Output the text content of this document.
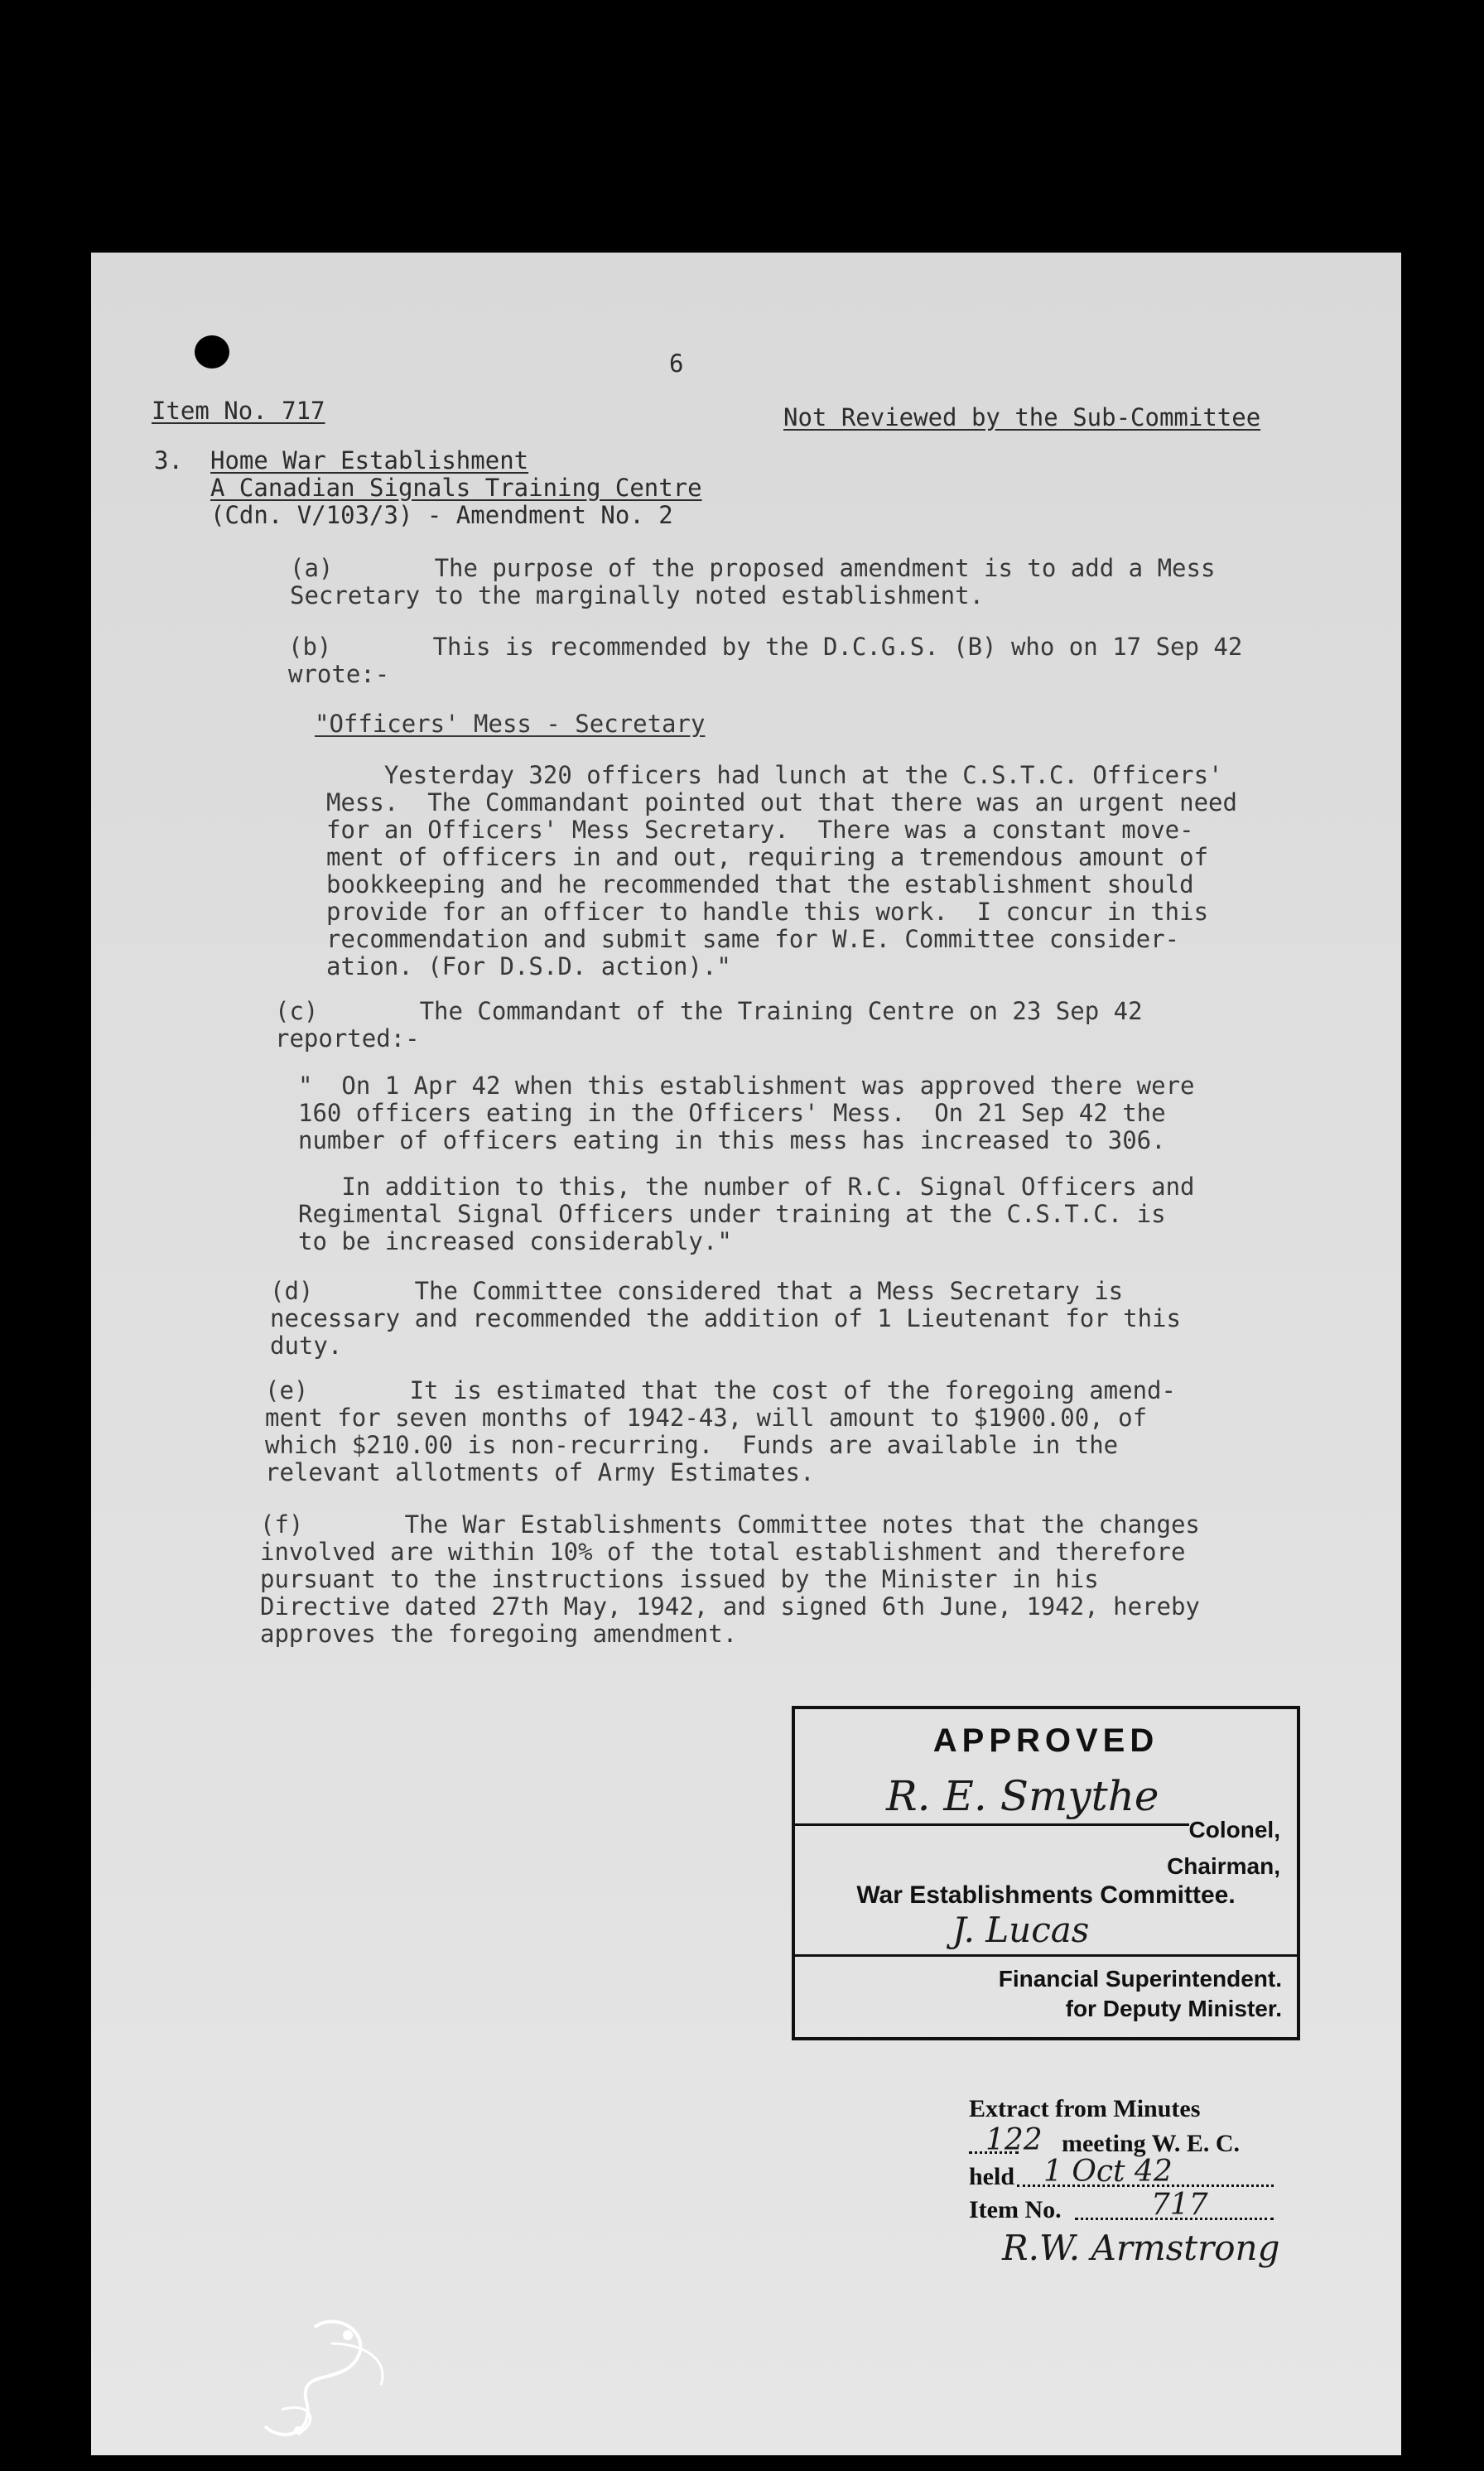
6
Item No. 717	Not Reviewed by the Sub-Committee
3. Home War Establishment
A Canadian Signals Training Centre
(Cdn. V/103/3) - Amendment No. 2
(a)       The purpose of the proposed amendment is to add a Mess
Secretary to the marginally noted establishment.
(b)       This is recommended by the D.C.G.S. (B) who on 17 Sep 42
wrote:-
"Officers' Mess - Secretary
Yesterday 320 officers had lunch at the C.S.T.C. Officers'
Mess.  The Commandant pointed out that there was an urgent need
for an Officers' Mess Secretary.  There was a constant move-
ment of officers in and out, requiring a tremendous amount of
bookkeeping and he recommended that the establishment should
provide for an officer to handle this work.  I concur in this
recommendation and submit same for W.E. Committee consider-
ation. (For D.S.D. action)."
(c)       The Commandant of the Training Centre on 23 Sep 42
reported:-
"  On 1 Apr 42 when this establishment was approved there were
160 officers eating in the Officers' Mess.  On 21 Sep 42 the
number of officers eating in this mess has increased to 306.
In addition to this, the number of R.C. Signal Officers and
Regimental Signal Officers under training at the C.S.T.C. is
to be increased considerably."
(d)       The Committee considered that a Mess Secretary is
necessary and recommended the addition of 1 Lieutenant for this
duty.
(e)       It is estimated that the cost of the foregoing amend-
ment for seven months of 1942-43, will amount to $1900.00, of
which $210.00 is non-recurring.  Funds are available in the
relevant allotments of Army Estimates.
(f)       The War Establishments Committee notes that the changes
involved are within 10% of the total establishment and therefore
pursuant to the instructions issued by the Minister in his
Directive dated 27th May, 1942, and signed 6th June, 1942, hereby
approves the foregoing amendment.
APPROVED
R. E. Smythe
Colonel,
Chairman,
War Establishments Committee.
J. Lucas
Financial Superintendent.
for Deputy Minister.
Extract from Minutes
122 meeting W. E. C.
held 1 Oct 42
Item No.	717
R.W. Armstrong
